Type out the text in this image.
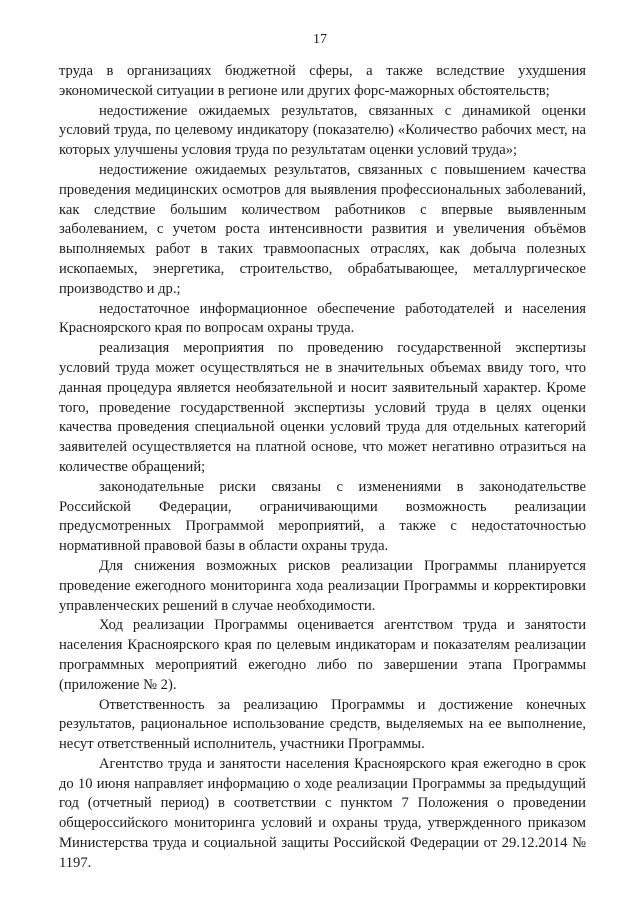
17

труда в организациях бюджетной сферы, а также вследствие ухудшения экономической ситуации в регионе или других форс-мажорных обстоятельств;

недостижение ожидаемых результатов, связанных с динамикой оценки условий труда, по целевому индикатору (показателю) «Количество рабочих мест, на которых улучшены условия труда по результатам оценки условий труда»;

недостижение ожидаемых результатов, связанных с повышением качества проведения медицинских осмотров для выявления профессиональных заболеваний, как следствие большим количеством работников с впервые выявленным заболеванием, с учетом роста интенсивности развития и увеличения объёмов выполняемых работ в таких травмоопасных отраслях, как добыча полезных ископаемых, энергетика, строительство, обрабатывающее, металлургическое производство и др.;

недостаточное информационное обеспечение работодателей и населения Красноярского края по вопросам охраны труда.

реализация мероприятия по проведению государственной экспертизы условий труда может осуществляться не в значительных объемах ввиду того, что данная процедура является необязательной и носит заявительный характер. Кроме того, проведение государственной экспертизы условий труда в целях оценки качества проведения специальной оценки условий труда для отдельных категорий заявителей осуществляется на платной основе, что может негативно отразиться на количестве обращений;

законодательные риски связаны с изменениями в законодательстве Российской Федерации, ограничивающими возможность реализации предусмотренных Программой мероприятий, а также с недостаточностью нормативной правовой базы в области охраны труда.

Для снижения возможных рисков реализации Программы планируется проведение ежегодного мониторинга хода реализации Программы и корректировки управленческих решений в случае необходимости.

Ход реализации Программы оценивается агентством труда и занятости населения Красноярского края по целевым индикаторам и показателям реализации программных мероприятий ежегодно либо по завершении этапа Программы (приложение № 2).

Ответственность за реализацию Программы и достижение конечных результатов, рациональное использование средств, выделяемых на ее выполнение, несут ответственный исполнитель, участники Программы.

Агентство труда и занятости населения Красноярского края ежегодно в срок до 10 июня направляет информацию о ходе реализации Программы за предыдущий год (отчетный период) в соответствии с пунктом 7 Положения о проведении общероссийского мониторинга условий и охраны труда, утвержденного приказом Министерства труда и социальной защиты Российской Федерации от 29.12.2014 № 1197.
